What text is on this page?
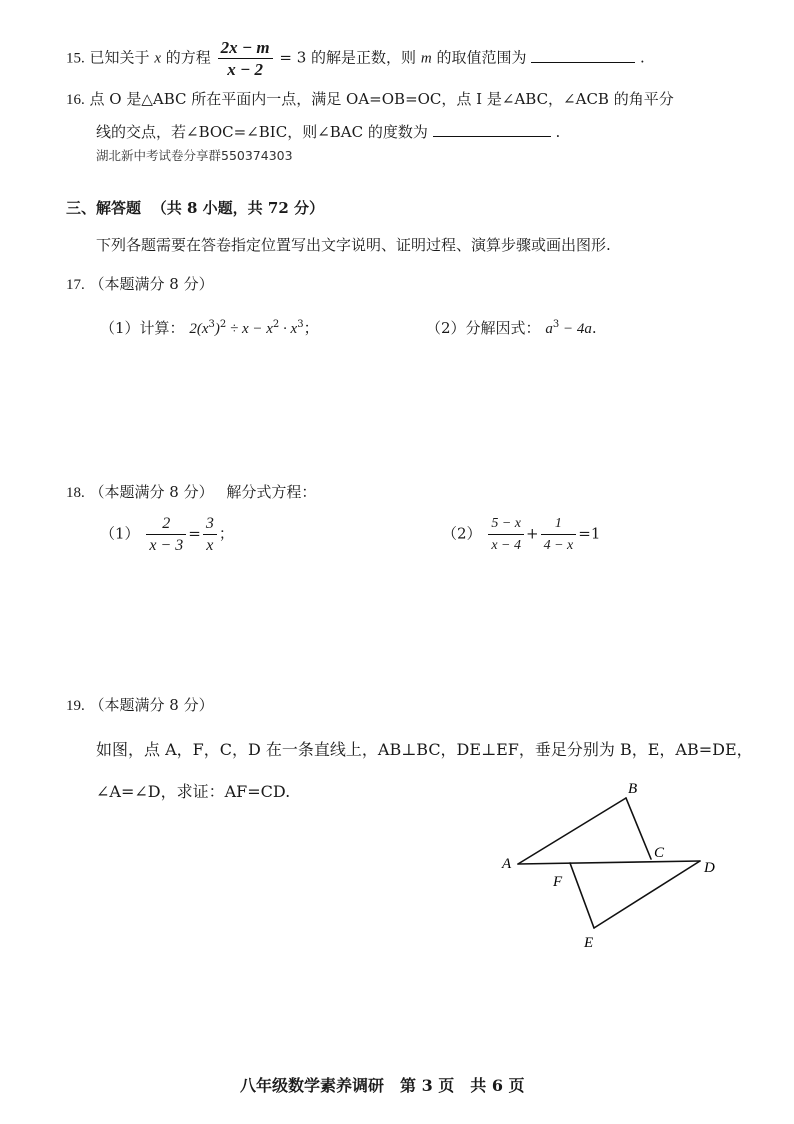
15. 已知关于 x 的方程 $\frac{2x - m}{x - 2} = 3$ 的解是正数，则 m 的取值范围为	.
16. 点 O 是△ABC 所在平面内一点，满足 OA=OB=OC，点 I 是∠ABC，∠ACB 的角平分
线的交点，若∠BOC=∠BIC，则∠BAC 的度数为	.
湖北新中考试卷分享群550374303
三、解答题 （共 8 小题，共 72 分）
下列各题需要在答卷指定位置写出文字说明、证明过程、演算步骤或画出图形.
17. （本题满分 8 分）
（1）计算： $2(x^3)^2 \div x - x^2 \cdot x^3$；	（2）分解因式： $a^3 - 4a$.
18. （本题满分 8 分） 解分式方程：
$(1) \frac{2}{x - 3} = \frac{3}{x}$ ；	$(2) \frac{5 - x}{x - 4} + \frac{1}{4 - x} =1$
19. （本题满分 8 分）
如图，点 A，F，C，D 在一条直线上，AB⊥BC，DE⊥EF，垂足分别为 B，E，AB=DE，
∠A=∠D，求证：AF=CD.
A
B
C
D
E
F
八年级数学素养调研　第 3 页　共 6 页
